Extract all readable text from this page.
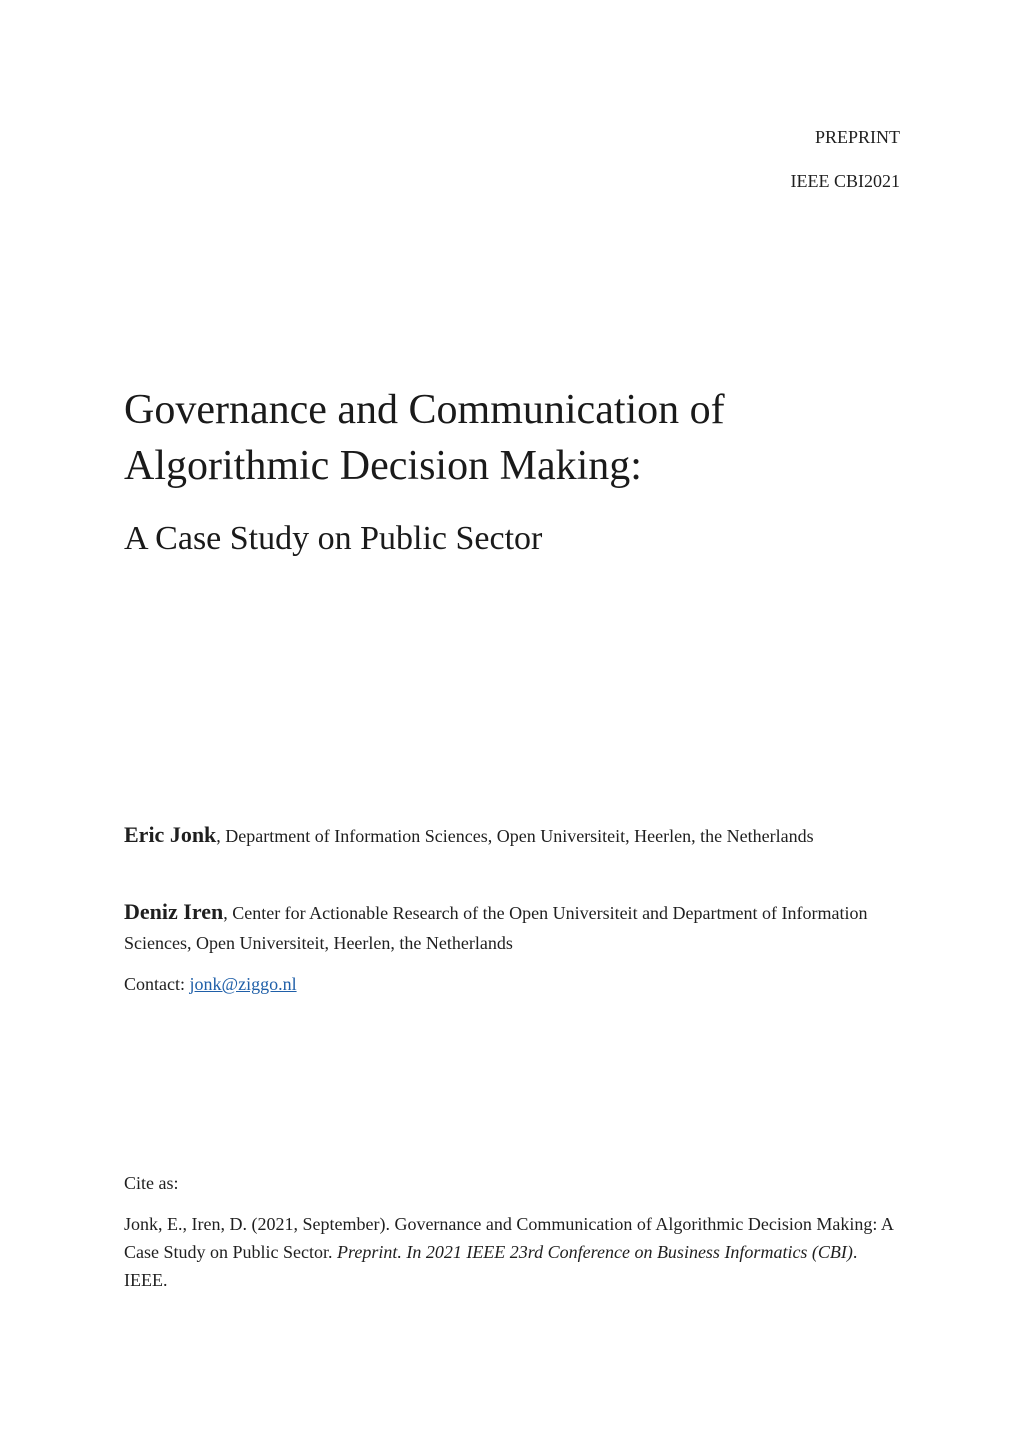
PREPRINT

IEEE CBI2021

Governance and Communication of
Algorithmic Decision Making:
A Case Study on Public Sector

Eric Jonk, Department of Information Sciences, Open Universiteit, Heerlen, the Netherlands

Deniz Iren, Center for Actionable Research of the Open Universiteit and Department of Information Sciences, Open Universiteit, Heerlen, the Netherlands

Contact: jonk@ziggo.nl

Cite as:

Jonk, E., Iren, D. (2021, September). Governance and Communication of Algorithmic Decision Making: A Case Study on Public Sector. Preprint. In 2021 IEEE 23rd Conference on Business Informatics (CBI). IEEE.
